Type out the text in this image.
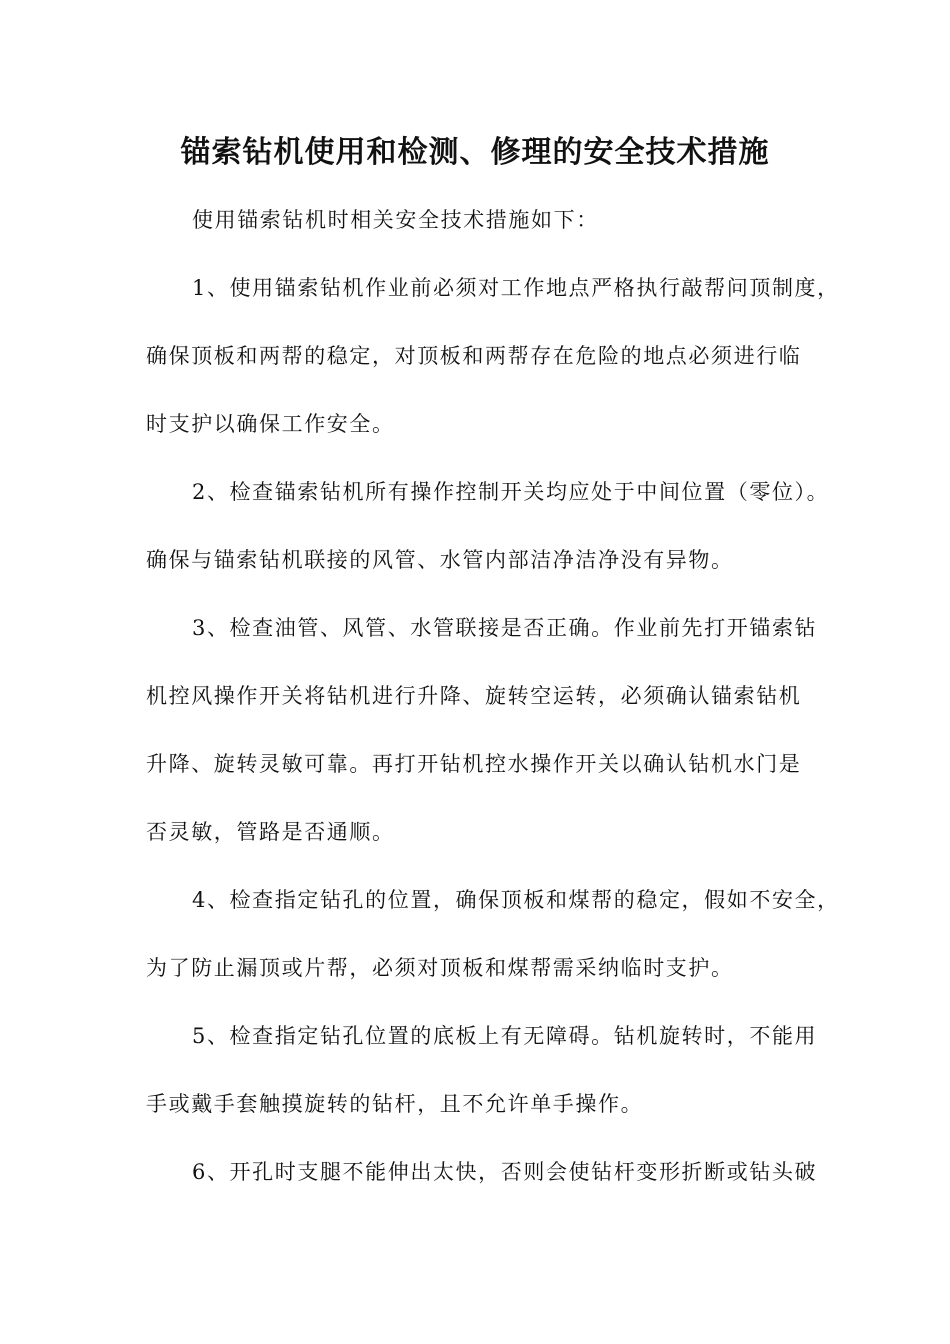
锚索钻机使用和检测、修理的安全技术措施
使用锚索钻机时相关安全技术措施如下：
1、使用锚索钻机作业前必须对工作地点严格执行敲帮问顶制度，
确保顶板和两帮的稳定，对顶板和两帮存在危险的地点必须进行临
时支护以确保工作安全。
2、检查锚索钻机所有操作控制开关均应处于中间位置（零位）。
确保与锚索钻机联接的风管、水管内部洁净洁净没有异物。
3、检查油管、风管、水管联接是否正确。作业前先打开锚索钻
机控风操作开关将钻机进行升降、旋转空运转，必须确认锚索钻机
升降、旋转灵敏可靠。再打开钻机控水操作开关以确认钻机水门是
否灵敏，管路是否通顺。
4、检查指定钻孔的位置，确保顶板和煤帮的稳定，假如不安全，
为了防止漏顶或片帮，必须对顶板和煤帮需采纳临时支护。
5、检查指定钻孔位置的底板上有无障碍。钻机旋转时，不能用
手或戴手套触摸旋转的钻杆，且不允许单手操作。
6、开孔时支腿不能伸出太快，否则会使钻杆变形折断或钻头破
